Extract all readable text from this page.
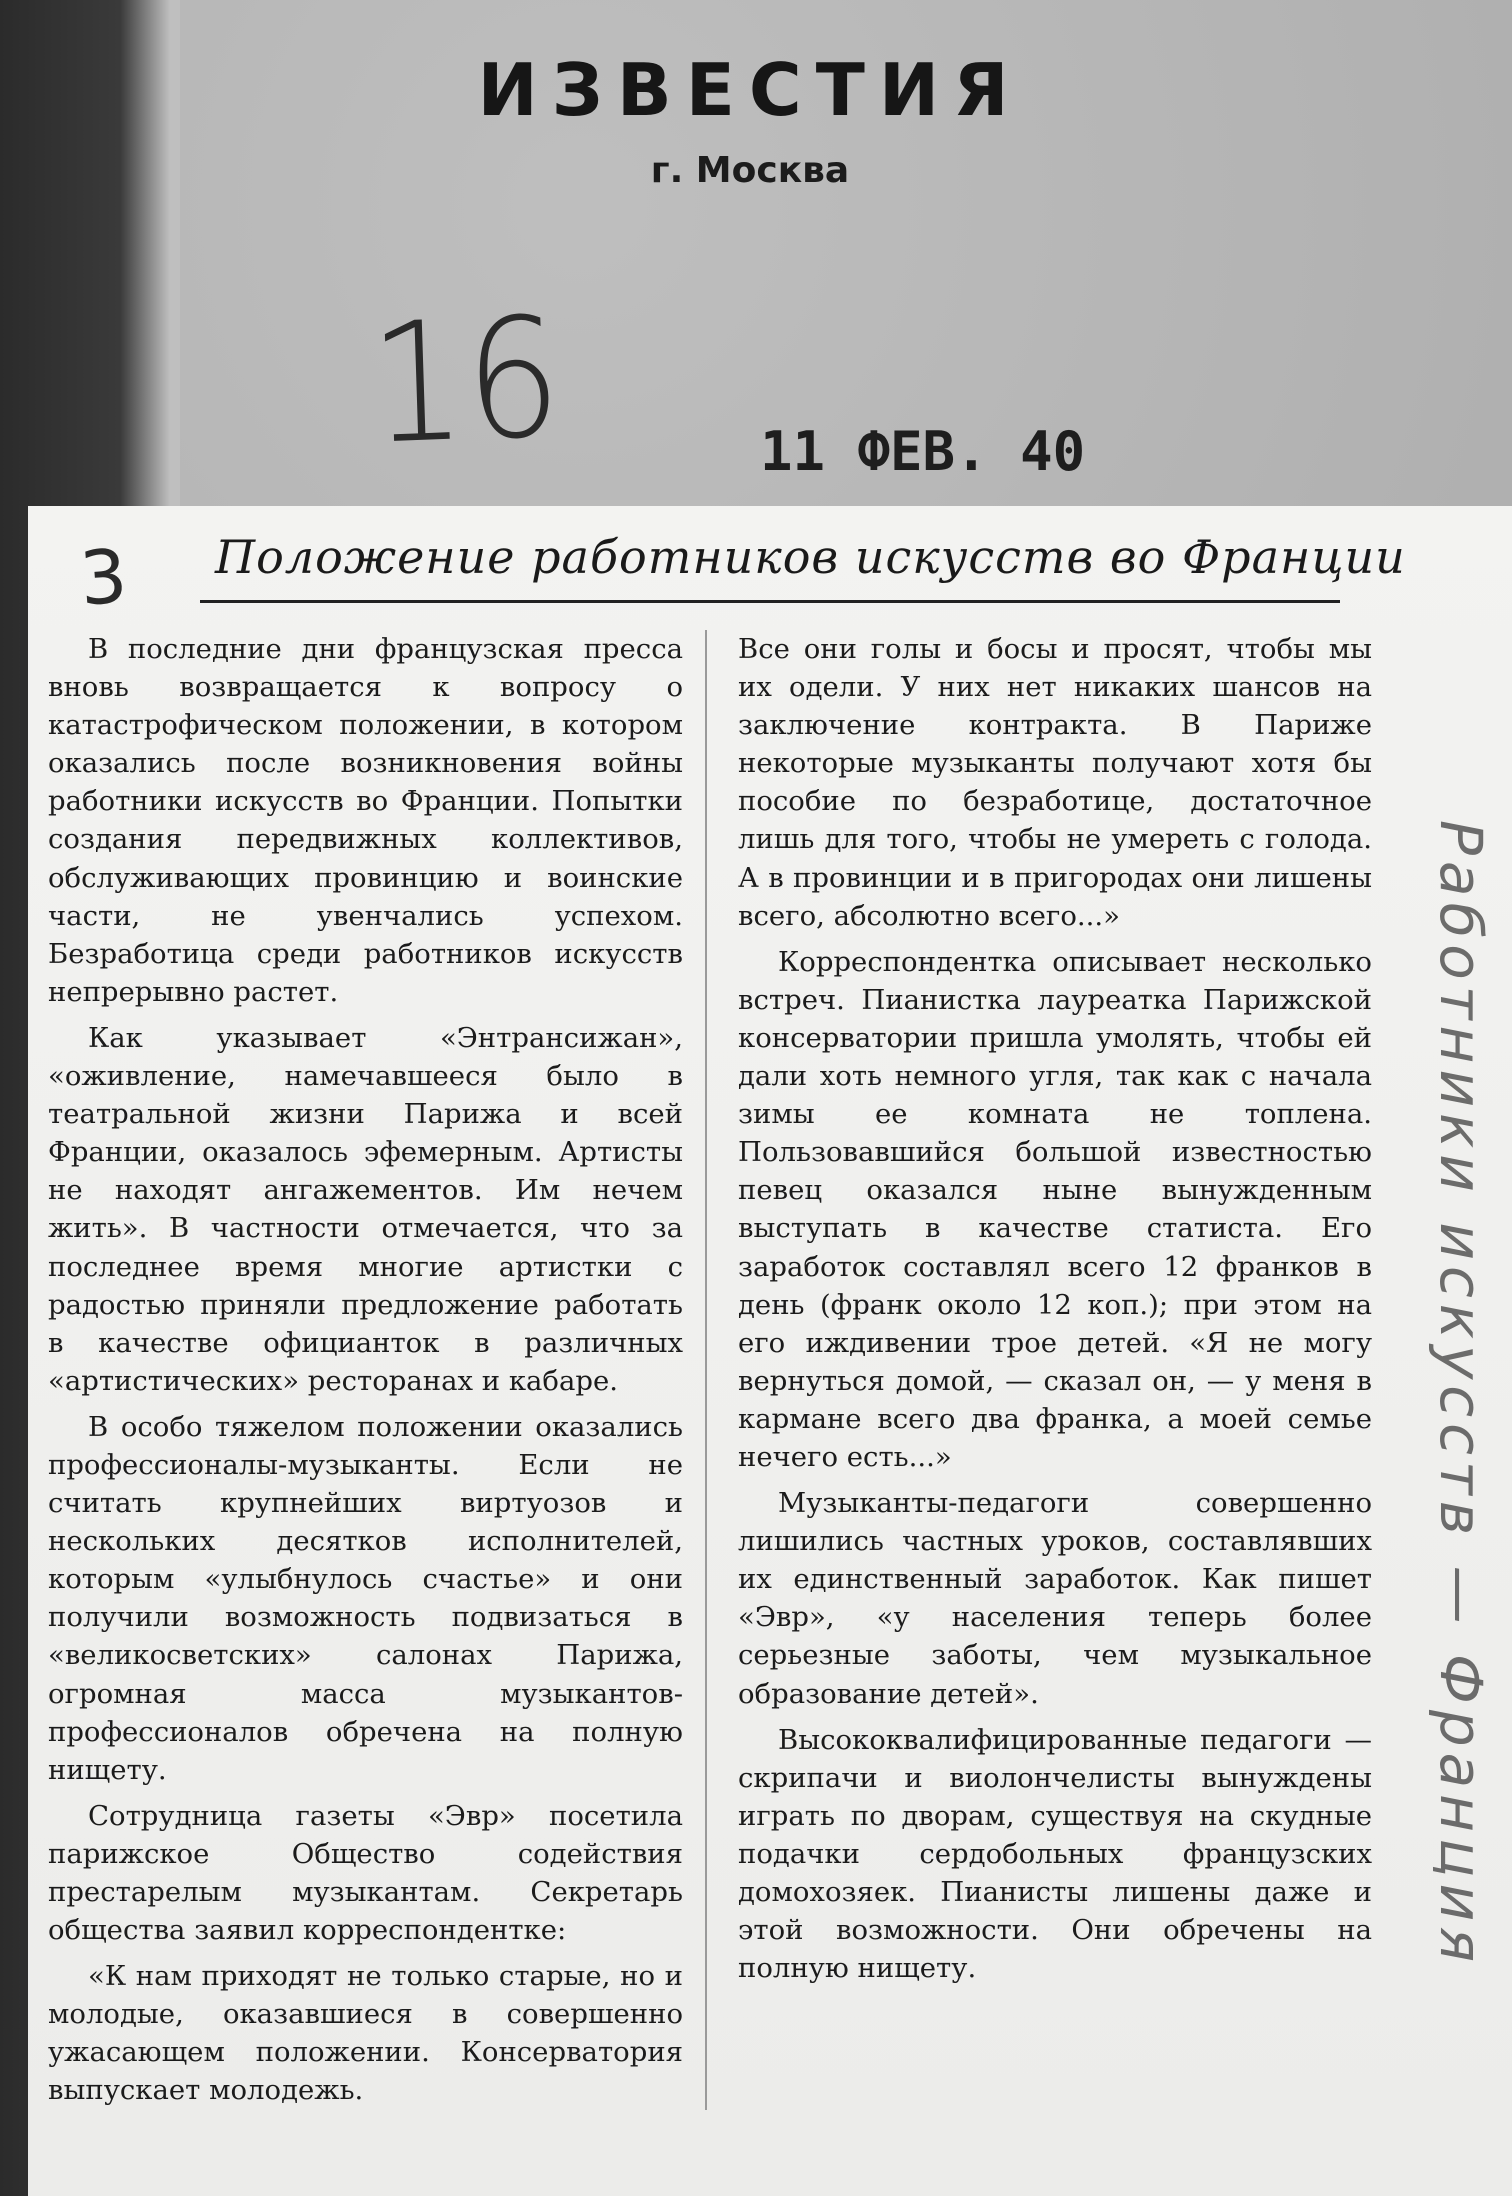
ИЗВЕСТИЯ
г. Москва
16	11 ФЕВ. 40
3 Положение работников искусств во Франции

В последние дни французская пресса вновь возвращается к вопросу о катастрофическом положении, в котором оказались после возникновения войны работники искусств во Франции. Попытки создания передвижных коллективов, обслуживающих провинцию и воинские части, не увенчались успехом. Безработица среди работников искусств непрерывно растет.

Как указывает «Энтрансижан», «оживление, намечавшееся было в театральной жизни Парижа и всей Франции, оказалось эфемерным. Артисты не находят ангажементов. Им нечем жить». В частности отмечается, что за последнее время многие артистки с радостью приняли предложение работать в качестве официанток в различных «артистических» ресторанах и кабаре.

В особо тяжелом положении оказались профессионалы-музыканты. Если не считать крупнейших виртуозов и нескольких десятков исполнителей, которым «улыбнулось счастье» и они получили возможность подвизаться в «великосветских» салонах Парижа, огромная масса музыкантов-профессионалов обречена на полную нищету.

Сотрудница газеты «Эвр» посетила парижское Общество содействия престарелым музыкантам. Секретарь общества заявил корреспондентке:

«К нам приходят не только старые, но и молодые, оказавшиеся в совершенно ужасающем положении. Консерватория выпускает молодежь.

Все они голы и босы и просят, чтобы мы их одели. У них нет никаких шансов на заключение контракта. В Париже некоторые музыканты получают хотя бы пособие по безработице, достаточное лишь для того, чтобы не умереть с голода. А в провинции и в пригородах они лишены всего, абсолютно всего...»

Корреспондентка описывает несколько встреч. Пианистка лауреатка Парижской консерватории пришла умолять, чтобы ей дали хоть немного угля, так как с начала зимы ее комната не топлена. Пользовавшийся большой известностью певец оказался ныне вынужденным выступать в качестве статиста. Его заработок составлял всего 12 франков в день (франк около 12 коп.); при этом на его иждивении трое детей. «Я не могу вернуться домой, — сказал он, — у меня в кармане всего два франка, а моей семье нечего есть...»

Музыканты-педагоги совершенно лишились частных уроков, составлявших их единственный заработок. Как пишет «Эвр», «у населения теперь более серьезные заботы, чем музыкальное образование детей».

Высококвалифицированные педагоги — скрипачи и виолончелисты вынуждены играть по дворам, существуя на скудные подачки сердобольных французских домохозяек. Пианисты лишены даже и этой возможности. Они обречены на полную нищету.

Работники искусств — Франция
